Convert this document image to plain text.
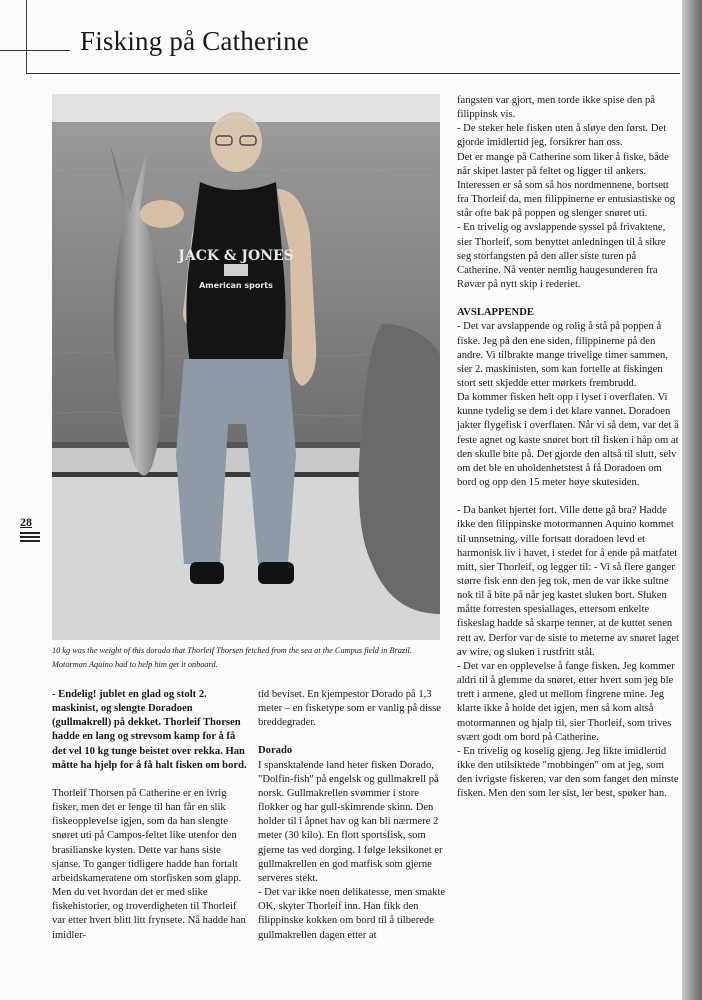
Fisking på Catherine
28
JACK & JONES
American sports
10 kg was the weight of this dorado that Thorleif Thorsen fetched from the sea at the Campus field in Brazil. Motorman Aquino had to help him get it onboard.

- Endelig! jublet en glad og stolt 2. maskinist, og slengte Doradoen (gullmakrell) på dekket. Thorleif Thorsen hadde en lang og strevsom kamp for å få det vel 10 kg tunge beistet over rekka. Han måtte ha hjelp for å få halt fisken om bord.

Thorleif Thorsen på Catherine er en ivrig fisker, men det er lenge til han får en slik fiskeopplevelse igjen, som da han slengte snøret uti på Campos-feltet like utenfor den brasilianske kysten. Dette var hans siste sjanse. To ganger tidligere hadde han fortalt arbeidskameratene om storfisken som glapp. Men du vet hvordan det er med slike fiskehistorier, og troverdigheten til Thorleif var etter hvert blitt litt frynsete. Nå hadde han imidler-

tid beviset. En kjempestor Dorado på 1,3 meter – en fisketype som er vanlig på disse breddegrader.

Dorado

I spansktalende land heter fisken Dorado, "Dolfin-fish" på engelsk og gullmakrell på norsk. Gullmakrellen svømmer i store flokker og har gull-skimrende skinn. Den holder til i åpnet hav og kan bli nærmere 2 meter (30 kilo). En flott sportsfisk, som gjerne tas ved dorging. I følge leksikonet er gullmakrellen en god matfisk som gjerne serveres stekt.

- Det var ikke noen delikatesse, men smakte OK, skyter Thorleif inn. Han fikk den filippinske kokken om bord til å tilberede gullmakrellen dagen etter at

fangsten var gjort, men torde ikke spise den på filippinsk vis.

- De steker hele fisken uten å sløye den først. Det gjorde imidlertid jeg, forsikrer han oss.

Det er mange på Catherine som liker å fiske, både når skipet laster på feltet og ligger til ankers. Interessen er så som så hos nordmennene, bortsett fra Thorleif da, men filippinerne er entusiastiske og står ofte bak på poppen og slenger snøret uti.

- En trivelig og avslappende syssel på frivaktene, sier Thorleif, som benyttet anledningen til å sikre seg storfangsten på den aller siste turen på Catherine. Nå venter nemlig haugesunderen fra Røvær på nytt skip i rederiet.

AVSLAPPENDE

- Det var avslappende og rolig å stå på poppen å fiske. Jeg på den ene siden, filippinerne på den andre. Vi tilbrakte mange trivelige timer sammen, sier 2. maskinisten, som kan fortelle at fiskingen stort sett skjedde etter mørkets frembrudd.

Da kommer fisken helt opp i lyset i overflaten. Vi kunne tydelig se dem i det klare vannet. Doradoen jakter flygefisk i overflaten. Når vi så dem, var det å feste agnet og kaste snøret bort til fisken i håp om at den skulle bite på. Det gjorde den altså til slutt, selv om det ble en uholdenhetstest å få Doradoen om bord og opp den 15 meter høye skutesiden.

- Da banket hjertet fort. Ville dette gå bra? Hadde ikke den filippinske motormannen Aquino kommet til unnsetning, ville fortsatt doradoen levd et harmonisk liv i havet, i stedet for å ende på matfatet mitt, sier Thorleif, og legger til: - Vi så flere ganger større fisk enn den jeg tok, men de var ikke sultne nok til å bite på når jeg kastet sluken bort. Sluken måtte forresten spesiallages, ettersom enkelte fiskeslag hadde så skarpe tenner, at de kuttet senen rett av. Derfor var de siste to meterne av snøret laget av wire, og sluken i rustfritt stål.

- Det var en opplevelse å fange fisken. Jeg kommer aldri til å glemme da snøret, etter hvert som jeg ble trett i armene, gled ut mellom fingrene mine. Jeg klarte ikke å holde det igjen, men så kom altså motormannen og hjalp til, sier Thorleif, som trives svært godt om bord på Catherine.

- En trivelig og koselig gjeng. Jeg likte imidlertid ikke den utilsiktede "mobbingen" om at jeg, som den ivrigste fiskeren, var den som fanget den minste fisken. Men den som ler sist, ler best, spøker han.
